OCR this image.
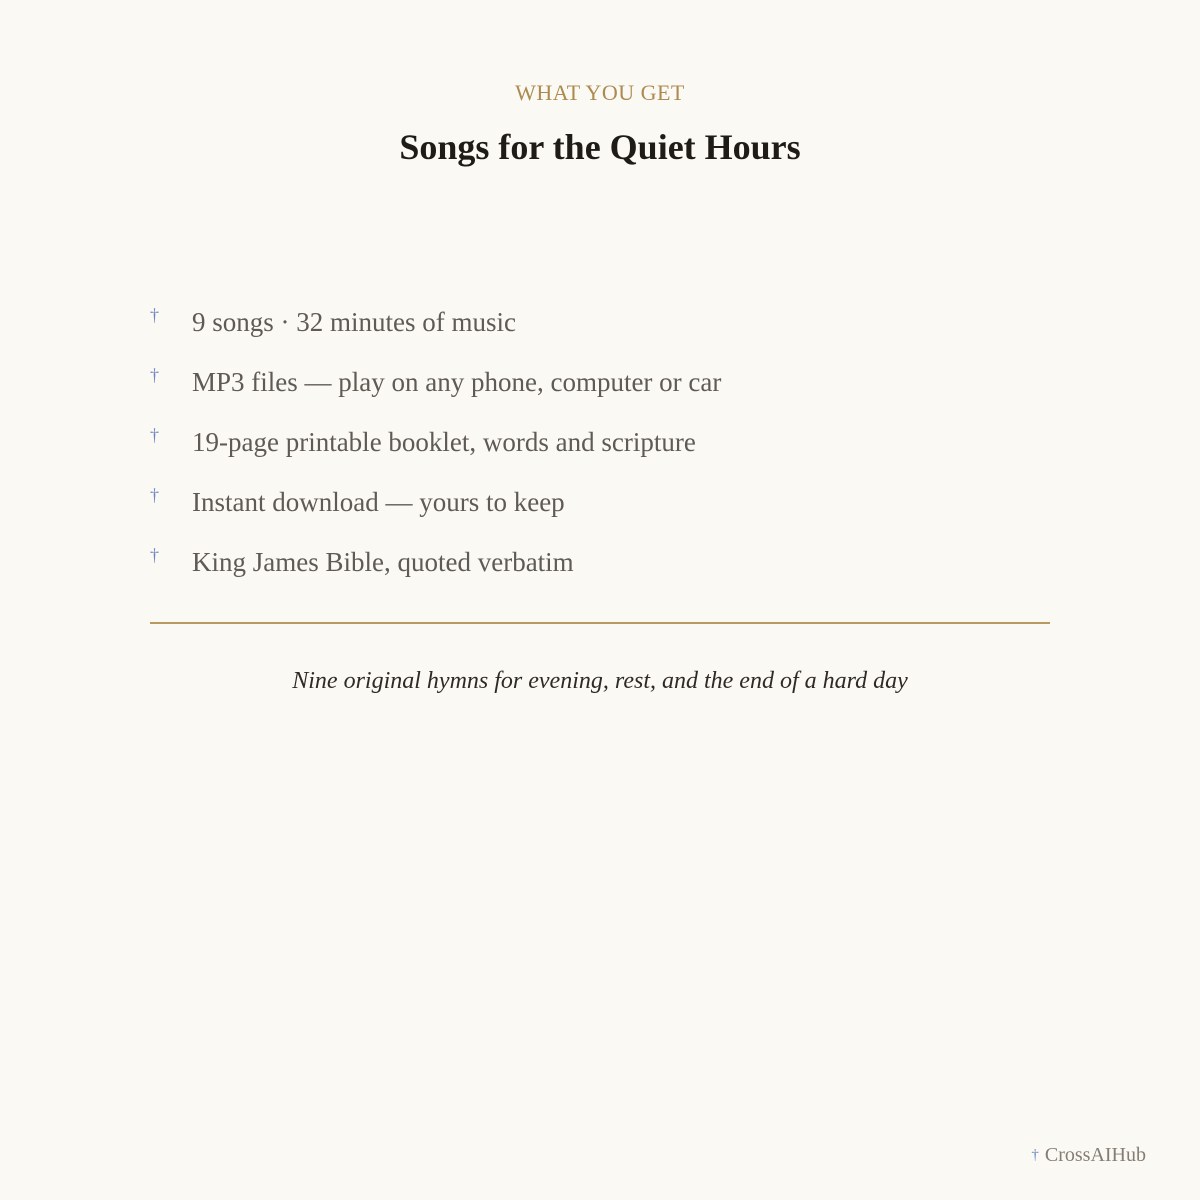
WHAT YOU GET
Songs for the Quiet Hours
† 9 songs · 32 minutes of music
† MP3 files — play on any phone, computer or car
† 19-page printable booklet, words and scripture
† Instant download — yours to keep
† King James Bible, quoted verbatim
Nine original hymns for evening, rest, and the end of a hard day
† CrossAIHub
